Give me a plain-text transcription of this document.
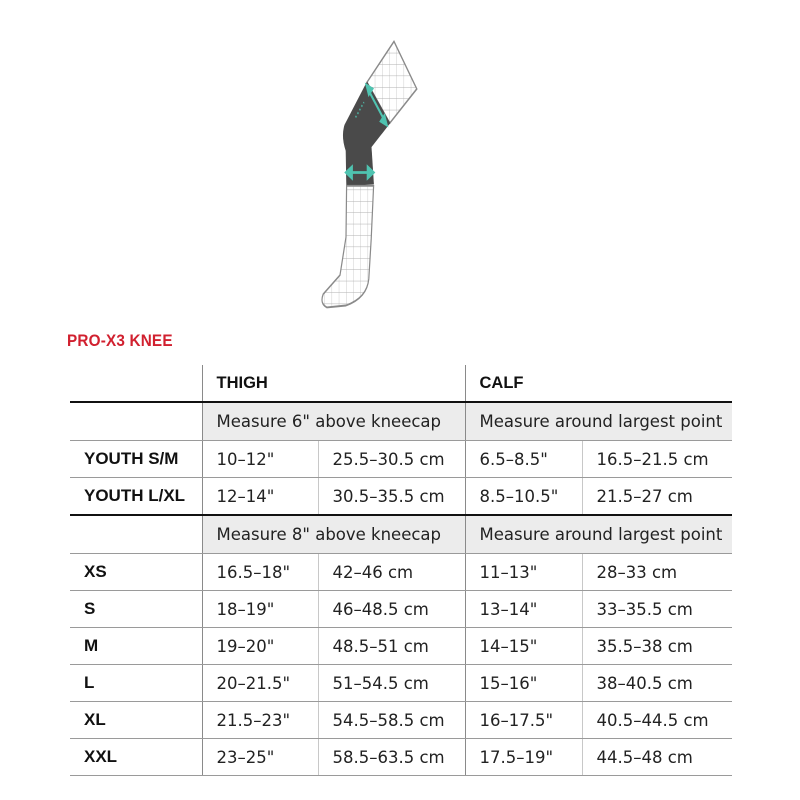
PRO-X3 KNEE
	THIGH		CALF	
	Measure 6" above kneecap		Measure around largest point	
YOUTH S/M	10–12"	25.5–30.5 cm	6.5–8.5"	16.5–21.5 cm
YOUTH L/XL	12–14"	30.5–35.5 cm	8.5–10.5"	21.5–27 cm
	Measure 8" above kneecap		Measure around largest point	
XS	16.5–18"	42–46 cm	11–13"	28–33 cm
S	18–19"	46–48.5 cm	13–14"	33–35.5 cm
M	19–20"	48.5–51 cm	14–15"	35.5–38 cm
L	20–21.5"	51–54.5 cm	15–16"	38–40.5 cm
XL	21.5–23"	54.5–58.5 cm	16–17.5"	40.5–44.5 cm
XXL	23–25"	58.5–63.5 cm	17.5–19"	44.5–48 cm
